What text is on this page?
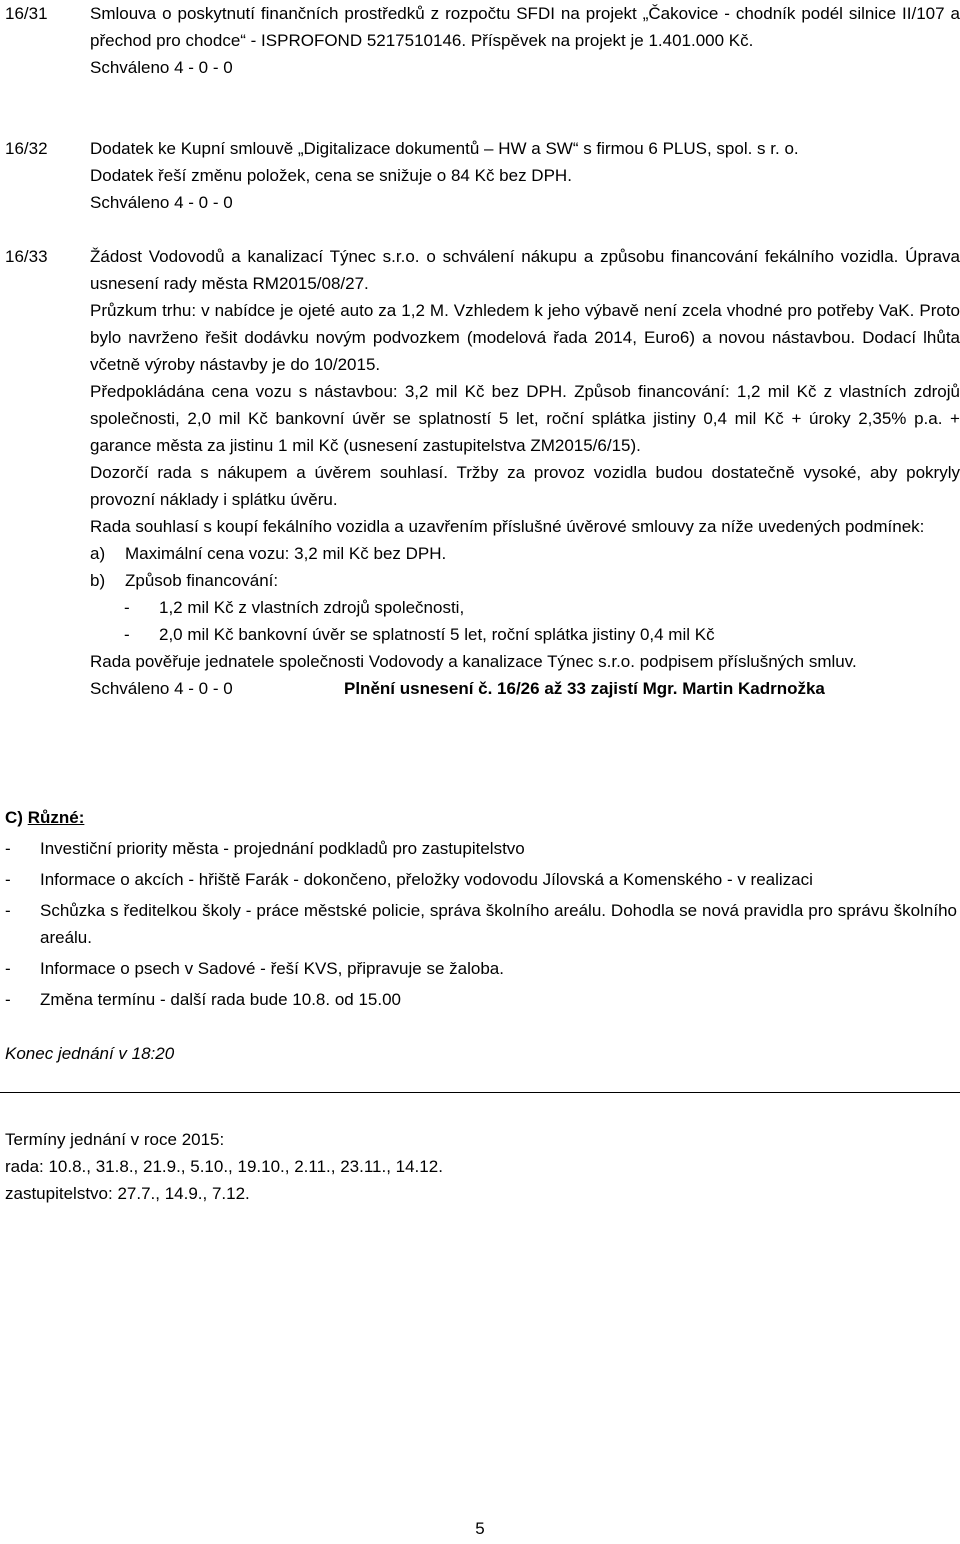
16/31	Smlouva o poskytnutí finančních prostředků z rozpočtu SFDI na projekt „Čakovice - chodník podél silnice II/107 a přechod pro chodce“ - ISPROFOND 5217510146. Příspěvek na projekt je 1.401.000 Kč.

Schváleno 4 - 0 - 0

16/32	Dodatek ke Kupní smlouvě „Digitalizace dokumentů – HW a SW“ s firmou 6 PLUS, spol. s r. o.

Dodatek řeší změnu položek, cena se snižuje o 84 Kč bez DPH.

Schváleno 4 - 0 - 0

16/33	Žádost Vodovodů a kanalizací Týnec s.r.o. o schválení nákupu a způsobu financování fekálního vozidla. Úprava usnesení rady města RM2015/08/27.

Průzkum trhu: v nabídce je ojeté auto za 1,2 M. Vzhledem k jeho výbavě není zcela vhodné pro potřeby VaK. Proto bylo navrženo řešit dodávku novým podvozkem (modelová řada 2014, Euro6) a novou nástavbou. Dodací lhůta včetně výroby nástavby je do 10/2015.

Předpokládána cena vozu s nástavbou: 3,2 mil Kč bez DPH. Způsob financování: 1,2 mil Kč z vlastních zdrojů společnosti, 2,0 mil Kč bankovní úvěr se splatností 5 let, roční splátka jistiny 0,4 mil Kč + úroky 2,35% p.a. + garance města za jistinu 1 mil Kč (usnesení zastupitelstva ZM2015/6/15).

Dozorčí rada s nákupem a úvěrem souhlasí. Tržby za provoz vozidla budou dostatečně vysoké, aby pokryly provozní náklady i splátku úvěru.

Rada souhlasí s koupí fekálního vozidla a uzavřením příslušné úvěrové smlouvy za níže uvedených podmínek:

a)	Maximální cena vozu: 3,2 mil Kč bez DPH.
b)	Způsob financování:
-	1,2 mil Kč z vlastních zdrojů společnosti,
-	2,0 mil Kč bankovní úvěr se splatností 5 let, roční splátka jistiny 0,4 mil Kč

Rada pověřuje jednatele společnosti Vodovody a kanalizace Týnec s.r.o. podpisem příslušných smluv.

Schváleno 4 - 0 - 0	Plnění usnesení č. 16/26 až 33 zajistí Mgr. Martin Kadrnožka

C) Různé:

-	Investiční priority města - projednání podkladů pro zastupitelstvo
-	Informace o akcích - hřiště Farák - dokončeno, přeložky vodovodu Jílovská a Komenského - v realizaci
-	Schůzka s ředitelkou školy - práce městské policie, správa školního areálu. Dohodla se nová pravidla pro správu školního areálu.
-	Informace o psech v Sadové - řeší KVS, připravuje se žaloba.
-	Změna termínu - další rada bude 10.8. od 15.00

Konec jednání v 18:20

Termíny jednání v roce 2015:

rada: 10.8., 31.8., 21.9., 5.10., 19.10., 2.11., 23.11., 14.12.

zastupitelstvo: 27.7., 14.9., 7.12.

5
